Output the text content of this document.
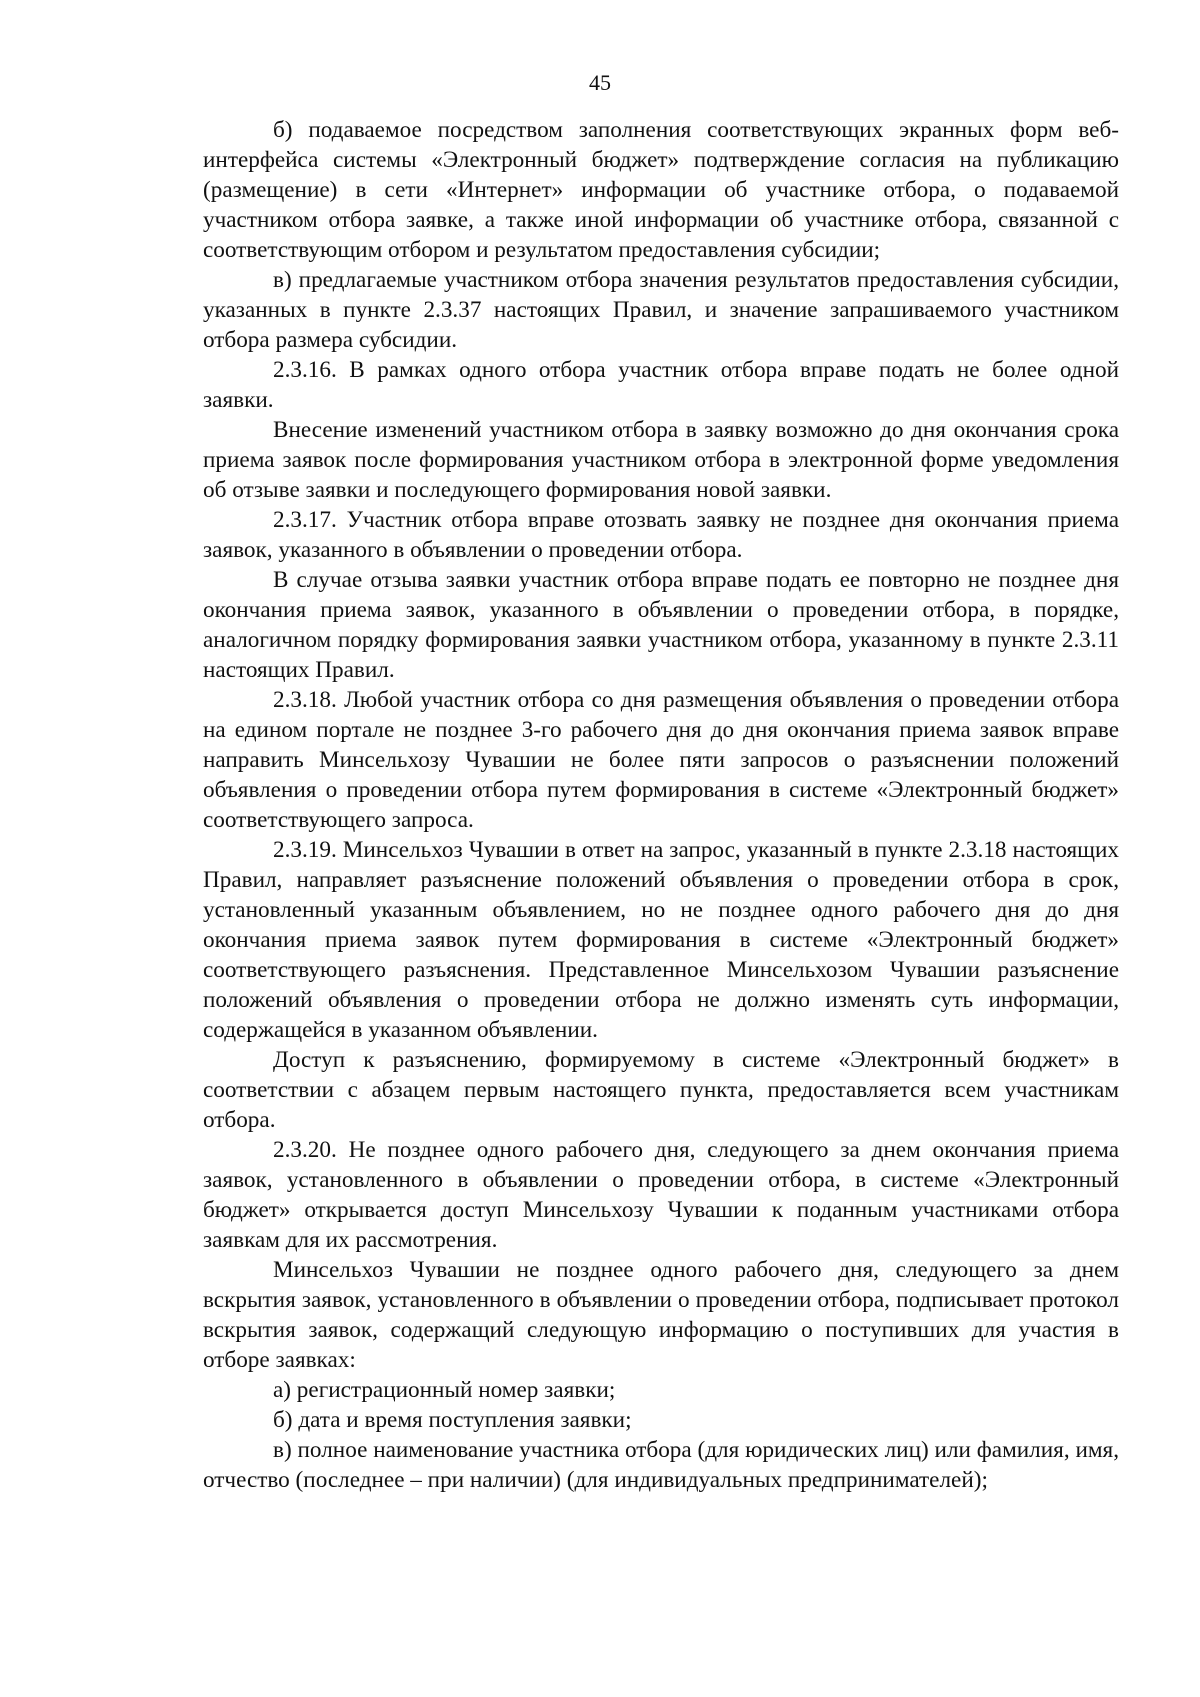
45

б) подаваемое посредством заполнения соответствующих экранных форм веб-интерфейса системы «Электронный бюджет» подтверждение согласия на публикацию (размещение) в сети «Интернет» информации об участнике отбора, о подаваемой участником отбора заявке, а также иной информации об участнике отбора, связанной с соответствующим отбором и результатом предоставления субсидии;

в) предлагаемые участником отбора значения результатов предоставления субсидии, указанных в пункте 2.3.37 настоящих Правил, и значение запрашиваемого участником отбора размера субсидии.

2.3.16. В рамках одного отбора участник отбора вправе подать не более одной заявки.

Внесение изменений участником отбора в заявку возможно до дня окончания срока приема заявок после формирования участником отбора в электронной форме уведомления об отзыве заявки и последующего формирования новой заявки.

2.3.17. Участник отбора вправе отозвать заявку не позднее дня окончания приема заявок, указанного в объявлении о проведении отбора.

В случае отзыва заявки участник отбора вправе подать ее повторно не позднее дня окончания приема заявок, указанного в объявлении о проведении отбора, в порядке, аналогичном порядку формирования заявки участником отбора, указанному в пункте 2.3.11 настоящих Правил.

2.3.18. Любой участник отбора со дня размещения объявления о проведении отбора на едином портале не позднее 3-го рабочего дня до дня окончания приема заявок вправе направить Минсельхозу Чувашии не более пяти запросов о разъяснении положений объявления о проведении отбора путем формирования в системе «Электронный бюджет» соответствующего запроса.

2.3.19. Минсельхоз Чувашии в ответ на запрос, указанный в пункте 2.3.18 настоящих Правил, направляет разъяснение положений объявления о проведении отбора в срок, установленный указанным объявлением, но не позднее одного рабочего дня до дня окончания приема заявок путем формирования в системе «Электронный бюджет» соответствующего разъяснения. Представленное Минсельхозом Чувашии разъяснение положений объявления о проведении отбора не должно изменять суть информации, содержащейся в указанном объявлении.

Доступ к разъяснению, формируемому в системе «Электронный бюджет» в соответствии с абзацем первым настоящего пункта, предоставляется всем участникам отбора.

2.3.20. Не позднее одного рабочего дня, следующего за днем окончания приема заявок, установленного в объявлении о проведении отбора, в системе «Электронный бюджет» открывается доступ Минсельхозу Чувашии к поданным участниками отбора заявкам для их рассмотрения.

Минсельхоз Чувашии не позднее одного рабочего дня, следующего за днем вскрытия заявок, установленного в объявлении о проведении отбора, подписывает протокол вскрытия заявок, содержащий следующую информацию о поступивших для участия в отборе заявках:

а) регистрационный номер заявки;

б) дата и время поступления заявки;

в) полное наименование участника отбора (для юридических лиц) или фамилия, имя, отчество (последнее – при наличии) (для индивидуальных предпринимателей);
